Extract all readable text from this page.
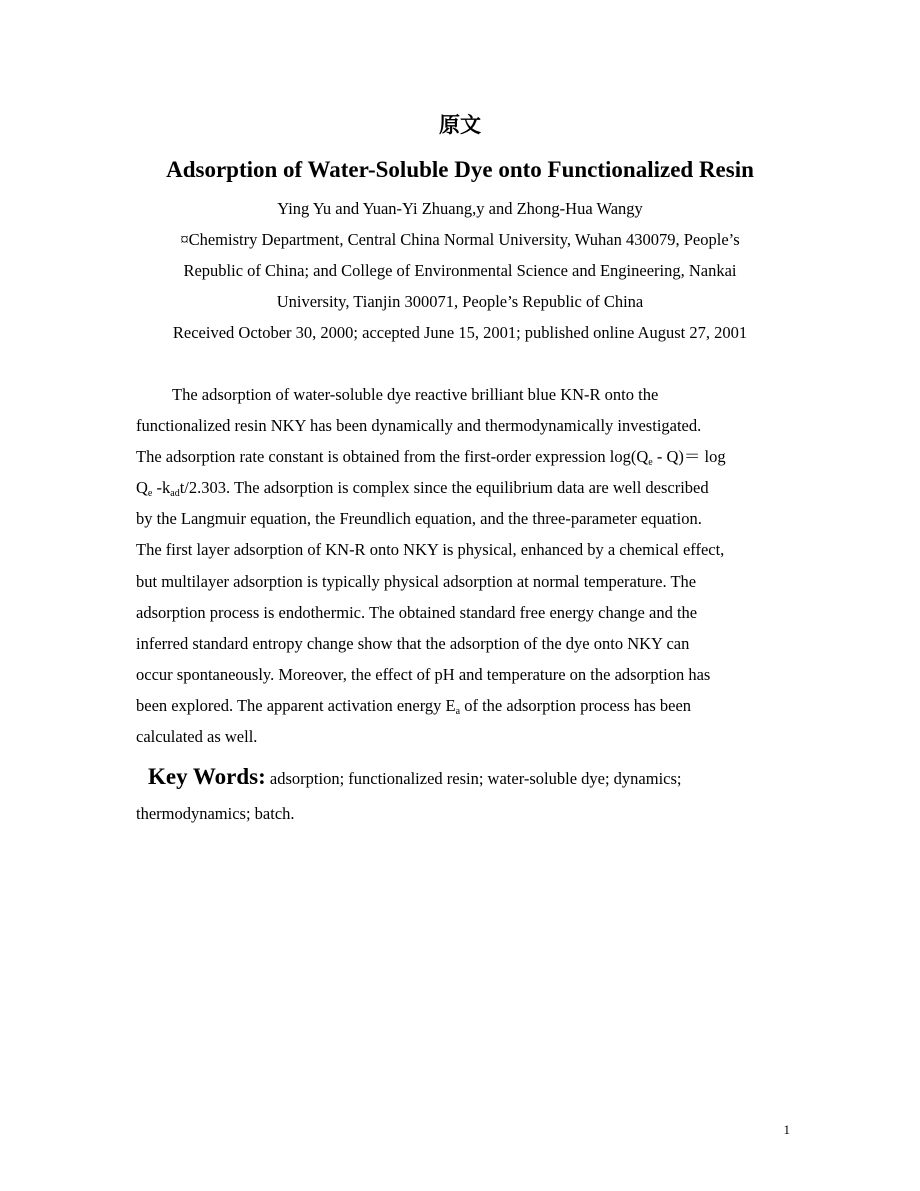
原文
Adsorption of Water-Soluble Dye onto Functionalized Resin
Ying Yu and Yuan-Yi Zhuang,y and Zhong-Hua Wangy

¤Chemistry Department, Central China Normal University, Wuhan 430079, People’s

Republic of China; and College of Environmental Science and Engineering, Nankai

University, Tianjin 300071, People’s Republic of China

Received October 30, 2000; accepted June 15, 2001; published online August 27, 2001
The adsorption of water-soluble dye reactive brilliant blue KN-R onto the
functionalized resin NKY has been dynamically and thermodynamically investigated.
The adsorption rate constant is obtained from the first-order expression $\log(Q_e - Q)= \log$
$Q_e$ $-k_{ad}t/2.303$. The adsorption is complex since the equilibrium data are well described
by the Langmuir equation, the Freundlich equation, and the three-parameter equation.
The first layer adsorption of KN-R onto NKY is physical, enhanced by a chemical effect,
but multilayer adsorption is typically physical adsorption at normal temperature. The
adsorption process is endothermic. The obtained standard free energy change and the
inferred standard entropy change show that the adsorption of the dye onto NKY can
occur spontaneously. Moreover, the effect of pH and temperature on the adsorption has
been explored. The apparent activation energy $E_a$ of the adsorption process has been
calculated as well.
Key Words: adsorption; functionalized resin; water-soluble dye; dynamics;
thermodynamics; batch.
1
